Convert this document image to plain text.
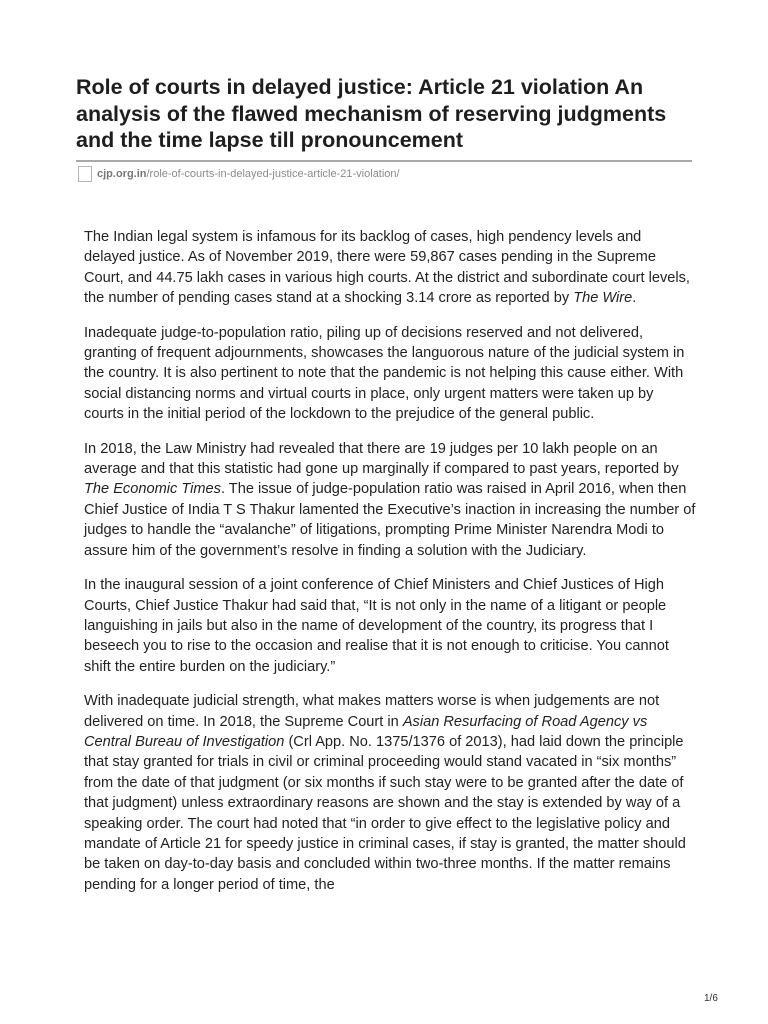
Role of courts in delayed justice: Article 21 violation An analysis of the flawed mechanism of reserving judgments and the time lapse till pronouncement
cjp.org.in /role-of-courts-in-delayed-justice-article-21-violation/

The Indian legal system is infamous for its backlog of cases, high pendency levels and delayed justice. As of November 2019, there were 59,867 cases pending in the Supreme Court, and 44.75 lakh cases in various high courts. At the district and subordinate court levels, the number of pending cases stand at a shocking 3.14 crore as reported by The Wire.

Inadequate judge-to-population ratio, piling up of decisions reserved and not delivered, granting of frequent adjournments, showcases the languorous nature of the judicial system in the country. It is also pertinent to note that the pandemic is not helping this cause either. With social distancing norms and virtual courts in place, only urgent matters were taken up by courts in the initial period of the lockdown to the prejudice of the general public.

In 2018, the Law Ministry had revealed that there are 19 judges per 10 lakh people on an average and that this statistic had gone up marginally if compared to past years, reported by The Economic Times. The issue of judge-population ratio was raised in April 2016, when then Chief Justice of India T S Thakur lamented the Executive’s inaction in increasing the number of judges to handle the “avalanche” of litigations, prompting Prime Minister Narendra Modi to assure him of the government’s resolve in finding a solution with the Judiciary.

In the inaugural session of a joint conference of Chief Ministers and Chief Justices of High Courts, Chief Justice Thakur had said that, “It is not only in the name of a litigant or people languishing in jails but also in the name of development of the country, its progress that I beseech you to rise to the occasion and realise that it is not enough to criticise. You cannot shift the entire burden on the judiciary.”

With inadequate judicial strength, what makes matters worse is when judgements are not delivered on time. In 2018, the Supreme Court in Asian Resurfacing of Road Agency vs Central Bureau of Investigation (Crl App. No. 1375/1376 of 2013), had laid down the principle that stay granted for trials in civil or criminal proceeding would stand vacated in “six months” from the date of that judgment (or six months if such stay were to be granted after the date of that judgment) unless extraordinary reasons are shown and the stay is extended by way of a speaking order. The court had noted that “in order to give effect to the legislative policy and mandate of Article 21 for speedy justice in criminal cases, if stay is granted, the matter should be taken on day-to-day basis and concluded within two-three months. If the matter remains pending for a longer period of time, the

1/6
